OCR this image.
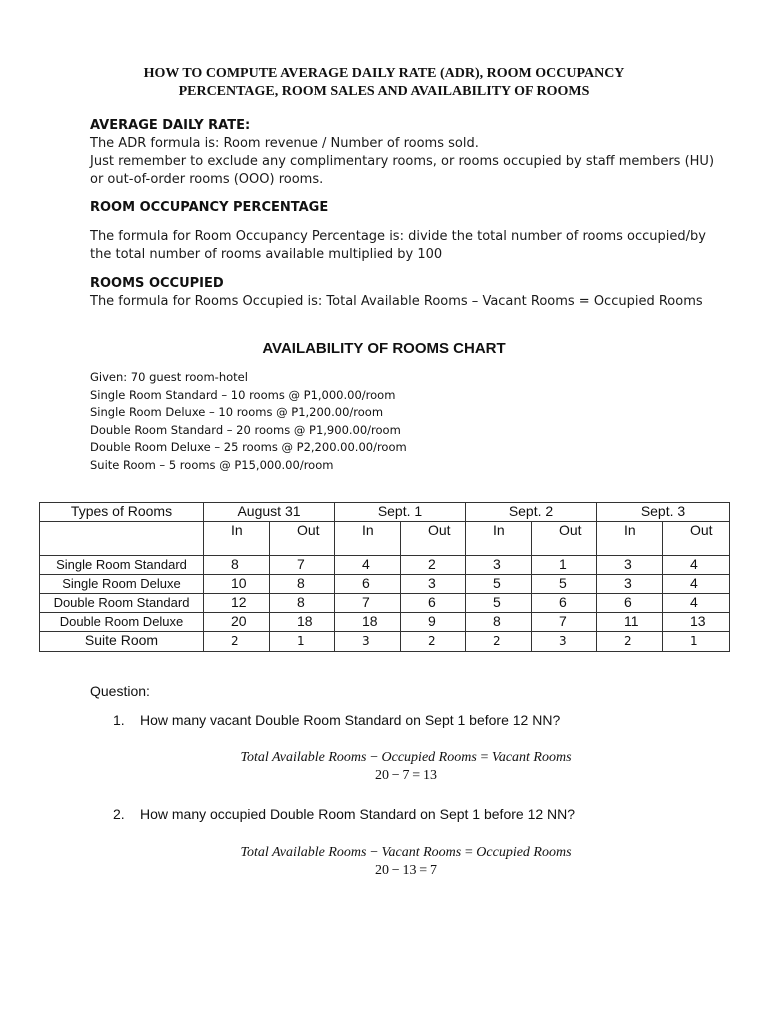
HOW TO COMPUTE AVERAGE DAILY RATE (ADR), ROOM OCCUPANCY
PERCENTAGE, ROOM SALES AND AVAILABILITY OF ROOMS
AVERAGE DAILY RATE:
The ADR formula is: Room revenue / Number of rooms sold.
Just remember to exclude any complimentary rooms, or rooms occupied by staff members (HU)
or out-of-order rooms (OOO) rooms.
ROOM OCCUPANCY PERCENTAGE
The formula for Room Occupancy Percentage is: divide the total number of rooms occupied/by
the total number of rooms available multiplied by 100
ROOMS OCCUPIED
The formula for Rooms Occupied is: Total Available Rooms – Vacant Rooms = Occupied Rooms
AVAILABILITY OF ROOMS CHART
Given: 70 guest room-hotel
Single Room Standard – 10 rooms @ P1,000.00/room
Single Room Deluxe – 10 rooms @ P1,200.00/room
Double Room Standard – 20 rooms @ P1,900.00/room
Double Room Deluxe – 25 rooms @ P2,200.00.00/room
Suite Room – 5 rooms @ P15,000.00/room
Types of Rooms	August 31		Sept. 1		Sept. 2		Sept. 3	
	In	Out	In	Out	In	Out	In	Out
Single Room Standard	8	7	4	2	3	1	3	4
Single Room Deluxe	10	8	6	3	5	5	3	4
Double Room Standard	12	8	7	6	5	6	6	4
Double Room Deluxe	20	18	18	9	8	7	11	13
Suite Room	2	1	3	2	2	3	2	1
Question:
1. How many vacant Double Room Standard on Sept 1 before 12 NN?
Total Available Rooms − Occupied Rooms = Vacant Rooms
20 − 7 = 13
2. How many occupied Double Room Standard on Sept 1 before 12 NN?
Total Available Rooms − Vacant Rooms = Occupied Rooms
20 − 13 = 7
